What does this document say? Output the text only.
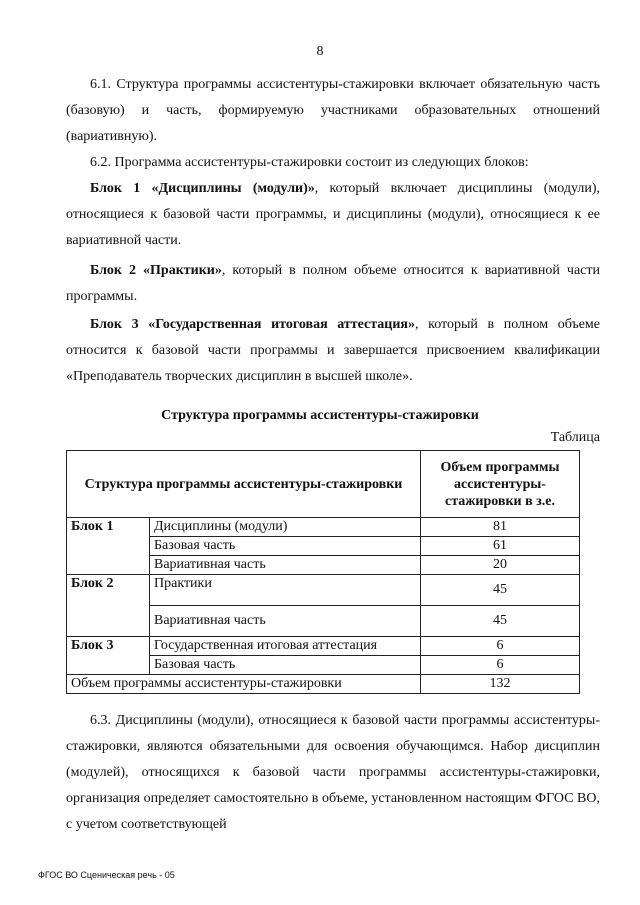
8

6.1. Структура программы ассистентуры-стажировки включает обязательную часть (базовую) и часть, формируемую участниками образовательных отношений (вариативную).

6.2. Программа ассистентуры-стажировки состоит из следующих блоков:

Блок 1 «Дисциплины (модули)», который включает дисциплины (модули), относящиеся к базовой части программы, и дисциплины (модули), относящиеся к ее вариативной части.

Блок 2 «Практики», который в полном объеме относится к вариативной части программы.

Блок 3 «Государственная итоговая аттестация», который в полном объеме относится к базовой части программы и завершается присвоением квалификации «Преподаватель творческих дисциплин в высшей школе».

Структура программы ассистентуры-стажировки
Таблица
Структура программы ассистентуры-стажировки		Объем программы ассистентуры-стажировки в з.е.
Блок 1	Дисциплины (модули)	81
	Базовая часть	61
	Вариативная часть	20
Блок 2	Практики	45
	Вариативная часть	45
Блок 3	Государственная итоговая аттестация	6
	Базовая часть	6
Объем программы ассистентуры-стажировки		132

6.3. Дисциплины (модули), относящиеся к базовой части программы ассистентуры-стажировки, являются обязательными для освоения обучающимся. Набор дисциплин (модулей), относящихся к базовой части программы ассистентуры-стажировки, организация определяет самостоятельно в объеме, установленном настоящим ФГОС ВО, с учетом соответствующей

ФГОС ВО Сценическая речь - 05
